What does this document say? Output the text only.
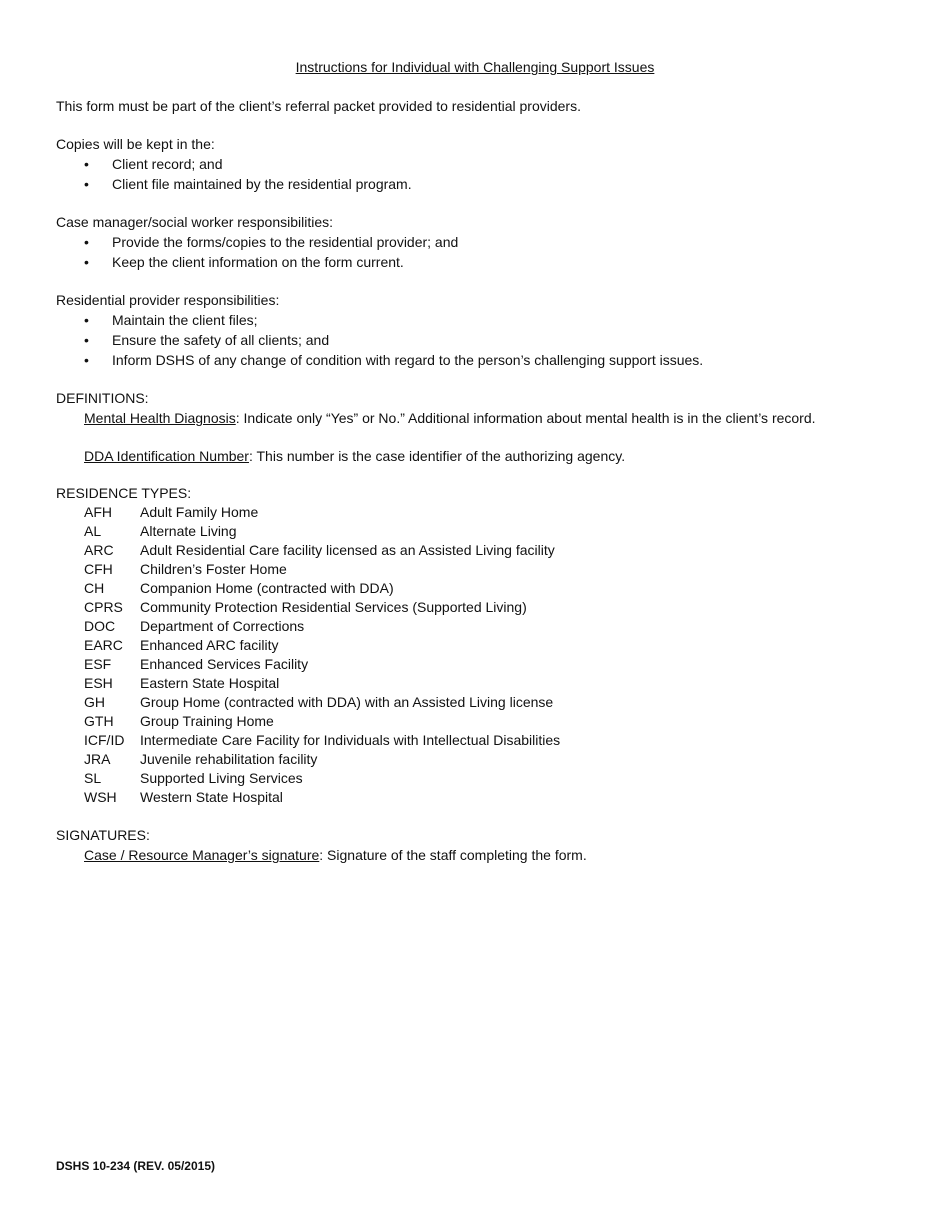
Instructions for Individual with Challenging Support Issues

This form must be part of the client’s referral packet provided to residential providers.

Copies will be kept in the:

• Client record; and
• Client file maintained by the residential program.

Case manager/social worker responsibilities:

• Provide the forms/copies to the residential provider; and
• Keep the client information on the form current.

Residential provider responsibilities:

• Maintain the client files;
• Ensure the safety of all clients; and
• Inform DSHS of any change of condition with regard to the person’s challenging support issues.

DEFINITIONS:

Mental Health Diagnosis: Indicate only “Yes” or No.” Additional information about mental health is in the client’s record.

DDA Identification Number: This number is the case identifier of the authorizing agency.

RESIDENCE TYPES:

AFH	Adult Family Home
AL	Alternate Living
ARC	Adult Residential Care facility licensed as an Assisted Living facility
CFH	Children’s Foster Home
CH	Companion Home (contracted with DDA)
CPRS	Community Protection Residential Services (Supported Living)
DOC	Department of Corrections
EARC	Enhanced ARC facility
ESF	Enhanced Services Facility
ESH	Eastern State Hospital
GH	Group Home (contracted with DDA) with an Assisted Living license
GTH	Group Training Home
ICF/ID	Intermediate Care Facility for Individuals with Intellectual Disabilities
JRA	Juvenile rehabilitation facility
SL	Supported Living Services
WSH	Western State Hospital

SIGNATURES:

Case / Resource Manager’s signature: Signature of the staff completing the form.

DSHS 10-234 (REV. 05/2015)
